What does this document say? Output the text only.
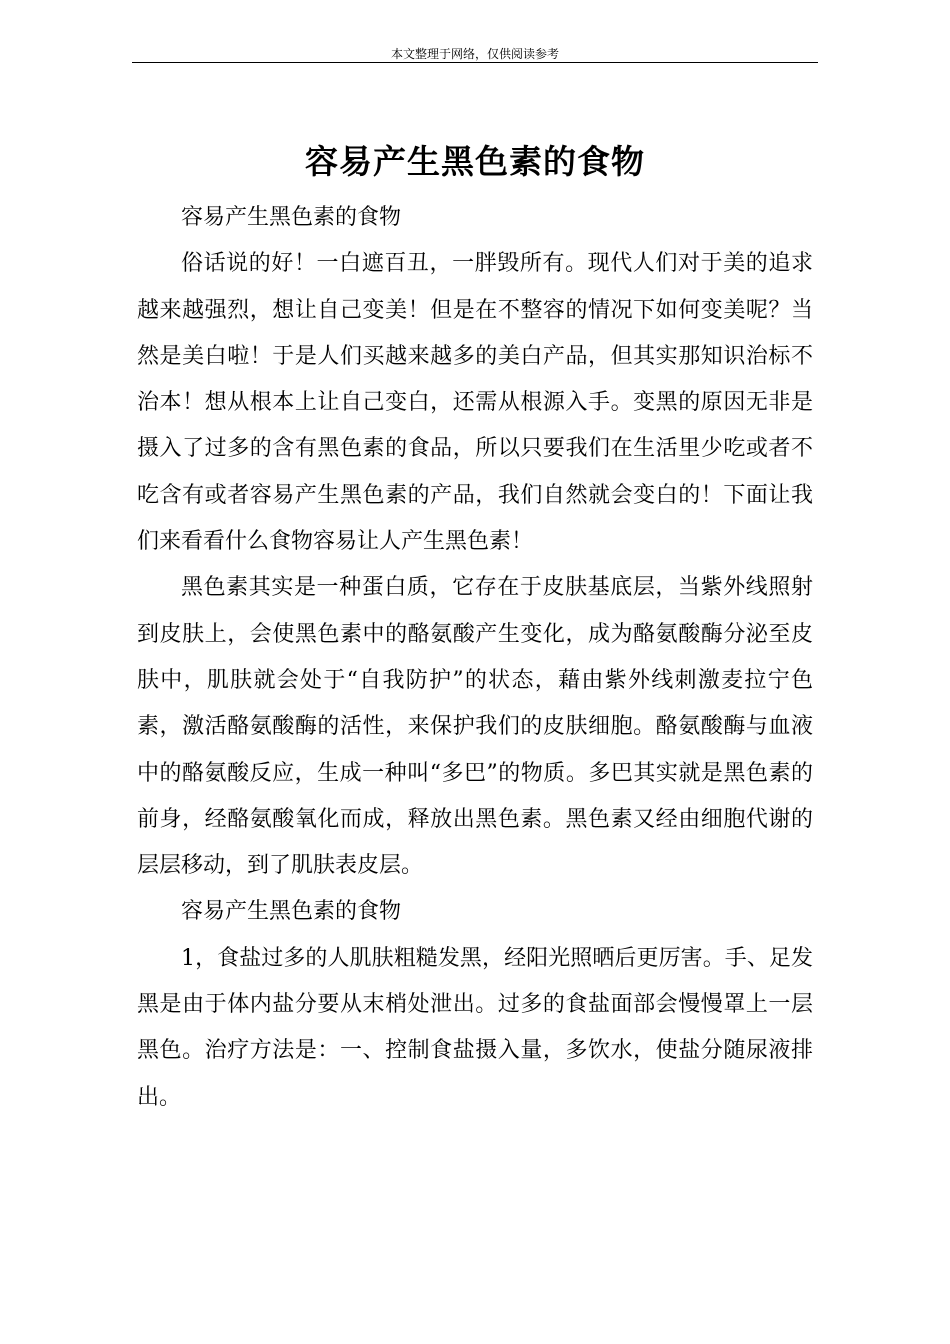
本文整理于网络，仅供阅读参考
容易产生黑色素的食物

容易产生黑色素的食物

俗话说的好！一白遮百丑，一胖毁所有。现代人们对于美的追求越来越强烈，想让自己变美！但是在不整容的情况下如何变美呢？当然是美白啦！于是人们买越来越多的美白产品，但其实那知识治标不治本！想从根本上让自己变白，还需从根源入手。变黑的原因无非是摄入了过多的含有黑色素的食品，所以只要我们在生活里少吃或者不吃含有或者容易产生黑色素的产品，我们自然就会变白的！下面让我们来看看什么食物容易让人产生黑色素！

黑色素其实是一种蛋白质，它存在于皮肤基底层，当紫外线照射到皮肤上，会使黑色素中的酪氨酸产生变化，成为酪氨酸酶分泌至皮肤中，肌肤就会处于“自我防护”的状态，藉由紫外线刺激麦拉宁色素，激活酪氨酸酶的活性，来保护我们的皮肤细胞。酪氨酸酶与血液中的酪氨酸反应，生成一种叫“多巴”的物质。多巴其实就是黑色素的前身，经酪氨酸氧化而成，释放出黑色素。黑色素又经由细胞代谢的层层移动，到了肌肤表皮层。

容易产生黑色素的食物

1，食盐过多的人肌肤粗糙发黑，经阳光照晒后更厉害。手、足发黑是由于体内盐分要从末梢处泄出。过多的食盐面部会慢慢罩上一层黑色。治疗方法是：一、控制食盐摄入量，多饮水，使盐分随尿液排出。
